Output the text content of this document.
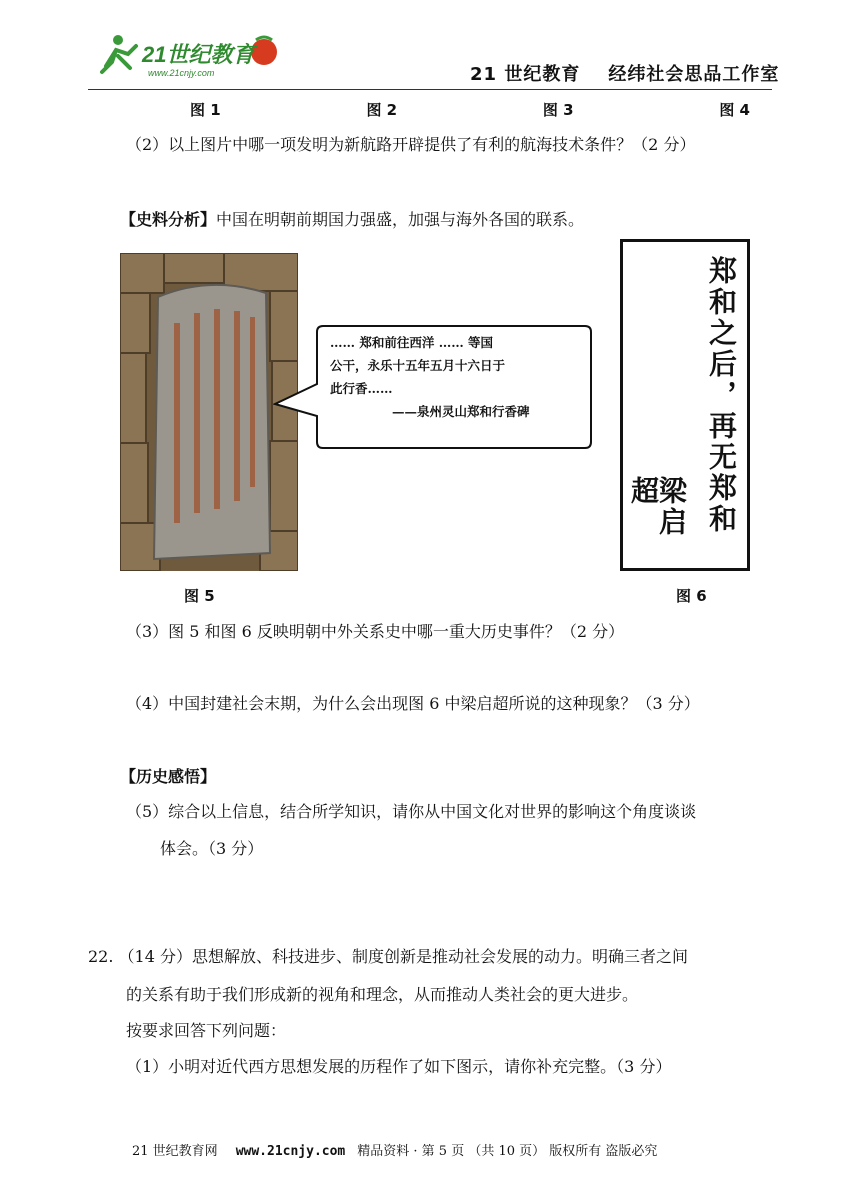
21世纪教育
www.21cnjy.com	21 世纪教育 经纬社会思品工作室
图 1	图 2	图 3	图 4
（2）以上图片中哪一项发明为新航路开辟提供了有利的航海技术条件？（2 分）
【史料分析】中国在明朝前期国力强盛，加强与海外各国的联系。
…… 郑和前往西洋 …… 等国
公干，永乐十五年五月十六日于
此行香……
——泉州灵山郑和行香碑	郑和之后，再无郑和
梁启超
图 5	图 6
（3）图 5 和图 6 反映明朝中外关系史中哪一重大历史事件？（2 分）
（4）中国封建社会末期，为什么会出现图 6 中梁启超所说的这种现象？（3 分）
【历史感悟】
（5）综合以上信息，结合所学知识，请你从中国文化对世界的影响这个角度谈谈
体会。（3 分）
22. （14 分）思想解放、科技进步、制度创新是推动社会发展的动力。明确三者之间
的关系有助于我们形成新的视角和理念，从而推动人类社会的更大进步。
按要求回答下列问题：
（1）小明对近代西方思想发展的历程作了如下图示，请你补充完整。（3 分）
21 世纪教育网 www.21cnjy.com 精品资料 · 第 5 页 （共 10 页） 版权所有 盗版必究
